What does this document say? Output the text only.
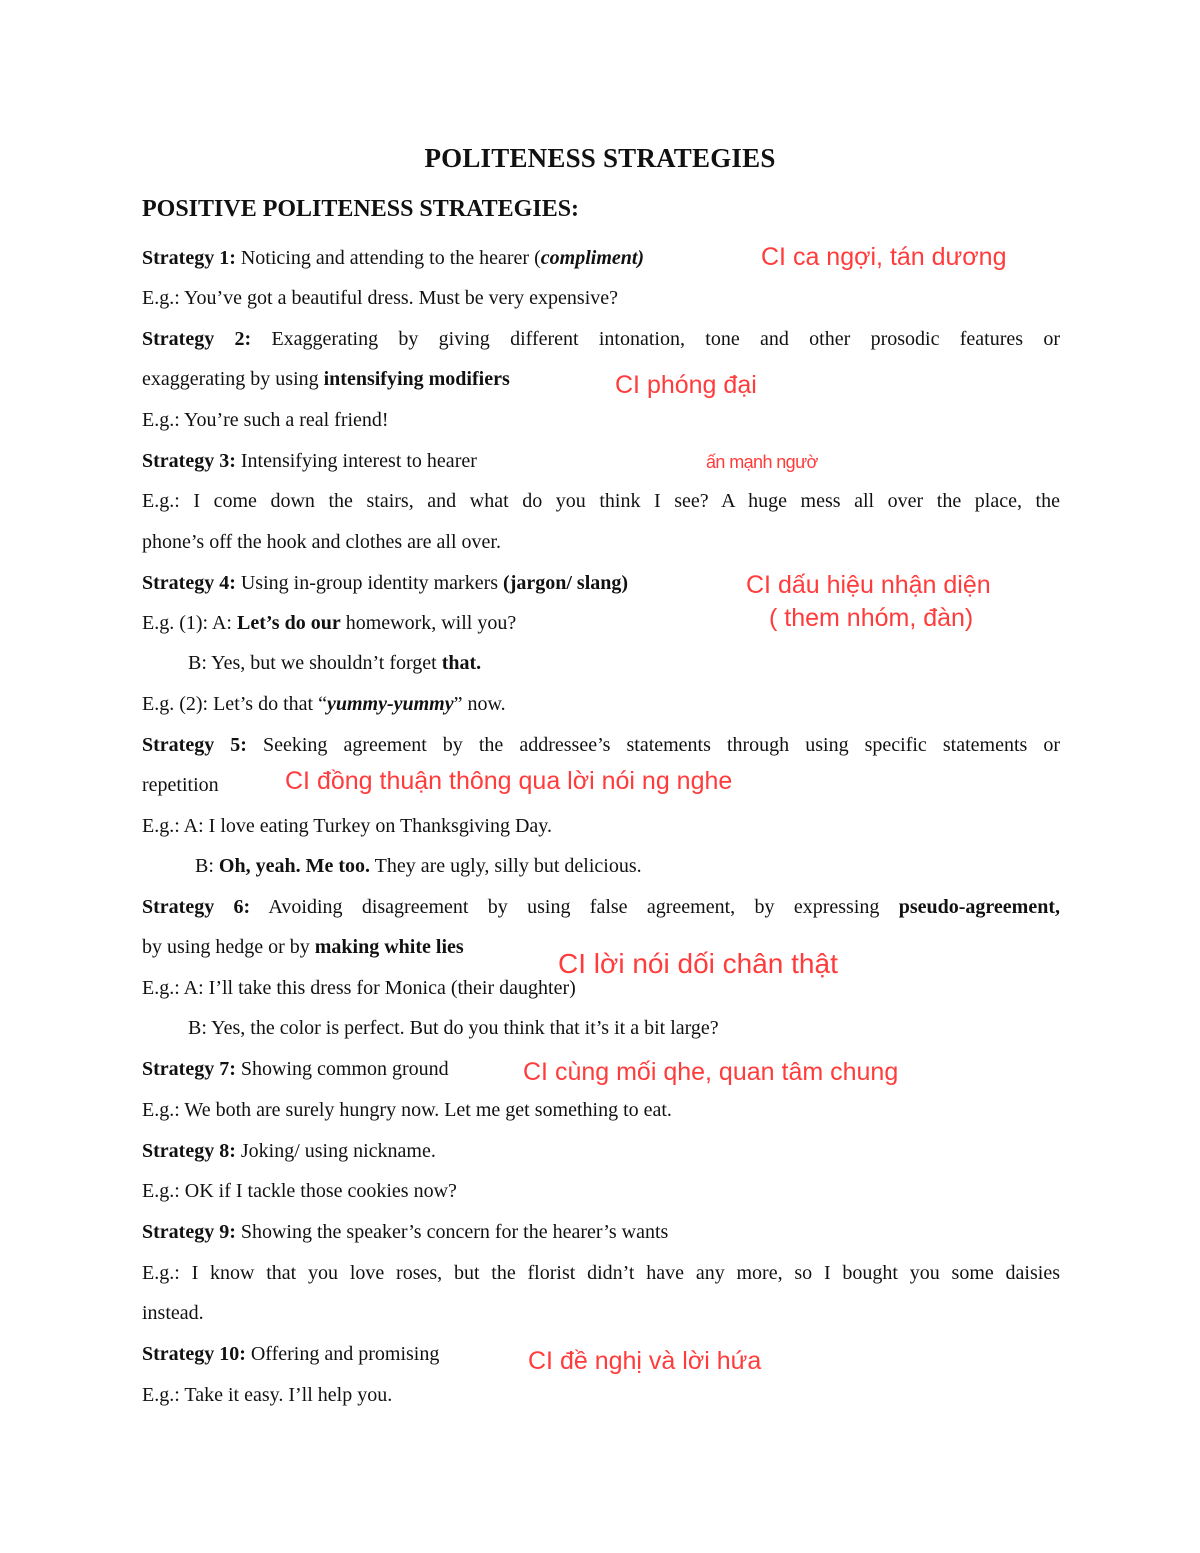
POLITENESS STRATEGIES
POSITIVE POLITENESS STRATEGIES:
Strategy 1: Noticing and attending to the hearer (compliment)
E.g.: You’ve got a beautiful dress. Must be very expensive?
Strategy 2: Exaggerating by giving different intonation, tone and other prosodic features or
exaggerating by using intensifying modifiers
E.g.: You’re such a real friend!
Strategy 3: Intensifying interest to hearer
E.g.: I come down the stairs, and what do you think I see? A huge mess all over the place, the
phone’s off the hook and clothes are all over.
Strategy 4: Using in-group identity markers (jargon/ slang)
E.g. (1): A: Let’s do our homework, will you?
B: Yes, but we shouldn’t forget that.
E.g. (2): Let’s do that “yummy-yummy” now.
Strategy 5: Seeking agreement by the addressee’s statements through using specific statements or
repetition
E.g.: A: I love eating Turkey on Thanksgiving Day.
B: Oh, yeah. Me too. They are ugly, silly but delicious.
Strategy 6: Avoiding disagreement by using false agreement, by expressing pseudo-agreement,
by using hedge or by making white lies
E.g.: A: I’ll take this dress for Monica (their daughter)
B: Yes, the color is perfect. But do you think that it’s it a bit large?
Strategy 7: Showing common ground
E.g.: We both are surely hungry now. Let me get something to eat.
Strategy 8: Joking/ using nickname.
E.g.: OK if I tackle those cookies now?
Strategy 9: Showing the speaker’s concern for the hearer’s wants
E.g.: I know that you love roses, but the florist didn’t have any more, so I bought you some daisies
instead.
Strategy 10: Offering and promising
E.g.: Take it easy. I’ll help you.
CI ca ngợi, tán dương
CI phóng đại
ấn mạnh ngườ
CI dấu hiệu nhận diện
( them nhóm, đàn)
CI đồng thuận thông qua lời nói ng nghe
CI lời nói dối chân thật
CI cùng mối qhe, quan tâm chung
CI đề nghị và lời hứa
